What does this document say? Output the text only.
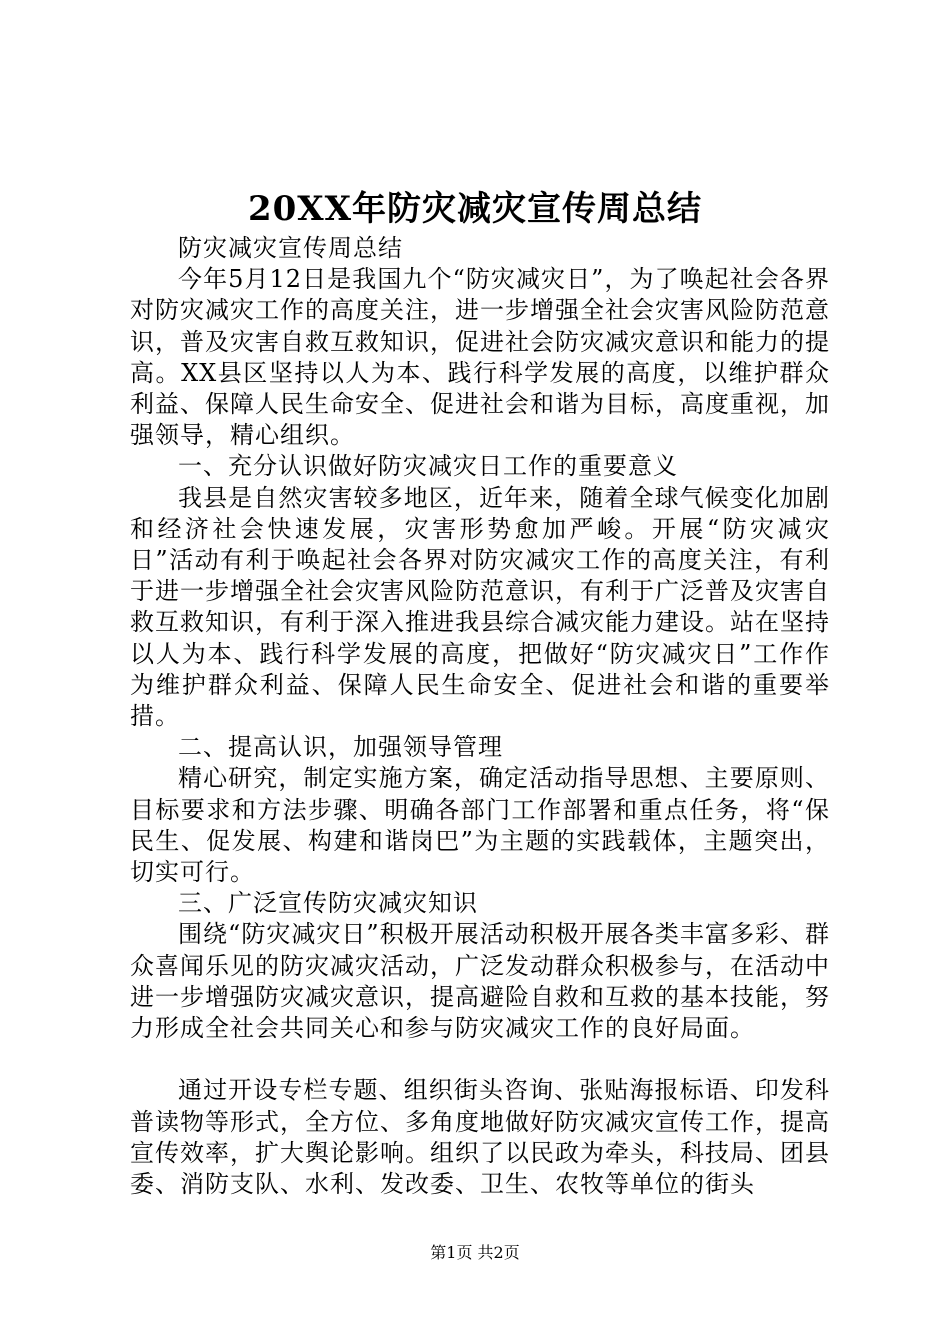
20XX年防灾减灾宣传周总结

防灾减灾宣传周总结

今年5月12日是我国九个“防灾减灾日”，为了唤起社会各界对防灾减灾工作的高度关注，进一步增强全社会灾害风险防范意识，普及灾害自救互救知识，促进社会防灾减灾意识和能力的提高。XX县区坚持以人为本、践行科学发展的高度，以维护群众利益、保障人民生命安全、促进社会和谐为目标，高度重视，加强领导，精心组织。

一、充分认识做好防灾减灾日工作的重要意义

我县是自然灾害较多地区，近年来，随着全球气候变化加剧和经济社会快速发展，灾害形势愈加严峻。开展“防灾减灾日”活动有利于唤起社会各界对防灾减灾工作的高度关注，有利于进一步增强全社会灾害风险防范意识，有利于广泛普及灾害自救互救知识，有利于深入推进我县综合减灾能力建设。站在坚持以人为本、践行科学发展的高度，把做好“防灾减灾日”工作作为维护群众利益、保障人民生命安全、促进社会和谐的重要举措。

二、提高认识，加强领导管理

精心研究，制定实施方案，确定活动指导思想、主要原则、目标要求和方法步骤、明确各部门工作部署和重点任务，将“保民生、促发展、构建和谐岗巴”为主题的实践载体，主题突出，切实可行。

三、广泛宣传防灾减灾知识

围绕“防灾减灾日”积极开展活动积极开展各类丰富多彩、群众喜闻乐见的防灾减灾活动，广泛发动群众积极参与，在活动中进一步增强防灾减灾意识，提高避险自救和互救的基本技能，努力形成全社会共同关心和参与防灾减灾工作的良好局面。

通过开设专栏专题、组织街头咨询、张贴海报标语、印发科普读物等形式，全方位、多角度地做好防灾减灾宣传工作，提高宣传效率，扩大舆论影响。组织了以民政为牵头，科技局、团县委、消防支队、水利、发改委、卫生、农牧等单位的街头

第1页 共2页
